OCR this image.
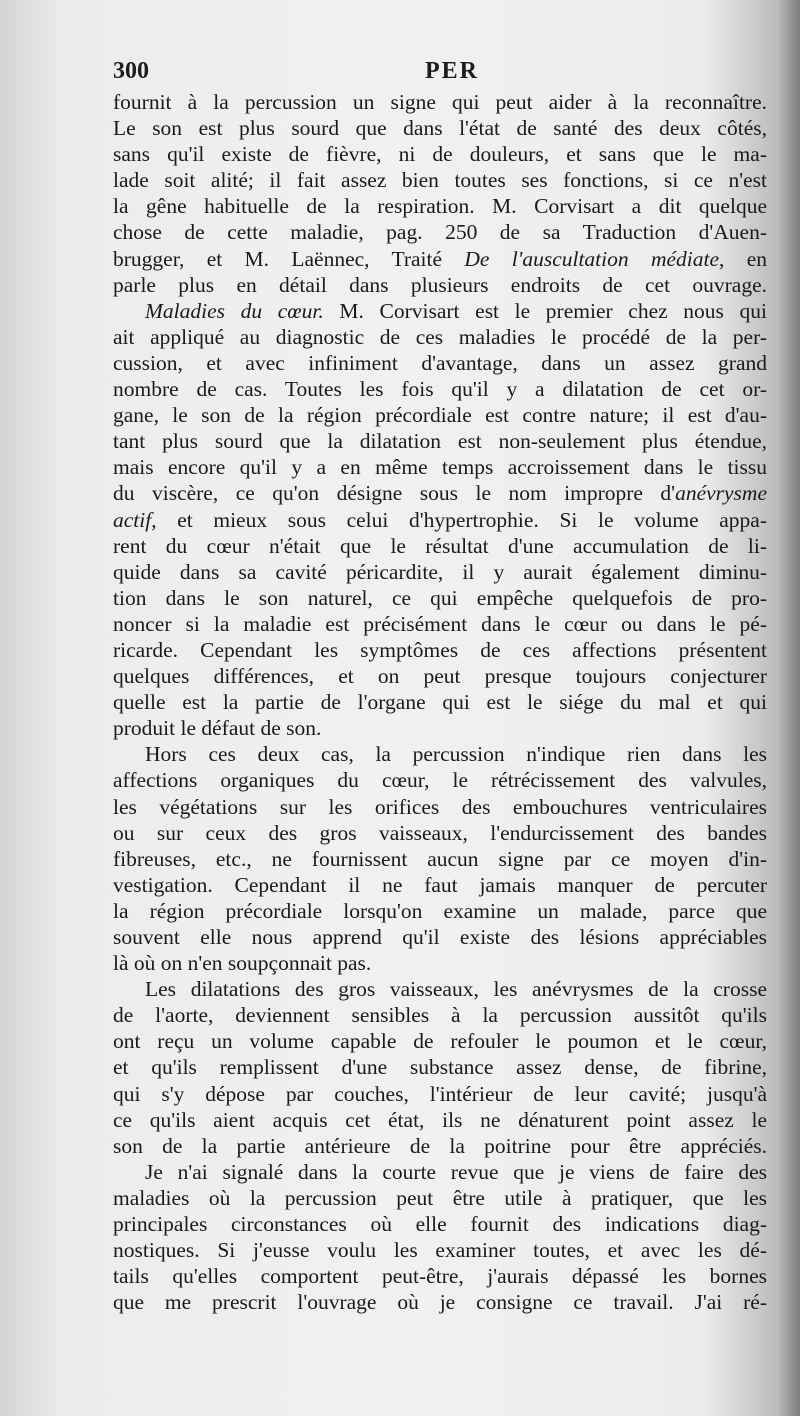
300	PER
fournit à la percussion un signe qui peut aider à la reconnaître.
Le son est plus sourd que dans l'état de santé des deux côtés,
sans qu'il existe de fièvre, ni de douleurs, et sans que le ma-
lade soit alité; il fait assez bien toutes ses fonctions, si ce n'est
la gêne habituelle de la respiration. M. Corvisart a dit quelque
chose de cette maladie, pag. 250 de sa Traduction d'Auen-
brugger, et M. Laënnec, Traité De l'auscultation médiate, en
parle plus en détail dans plusieurs endroits de cet ouvrage.
Maladies du cœur. M. Corvisart est le premier chez nous qui
ait appliqué au diagnostic de ces maladies le procédé de la per-
cussion, et avec infiniment d'avantage, dans un assez grand
nombre de cas. Toutes les fois qu'il y a dilatation de cet or-
gane, le son de la région précordiale est contre nature; il est d'au-
tant plus sourd que la dilatation est non-seulement plus étendue,
mais encore qu'il y a en même temps accroissement dans le tissu
du viscère, ce qu'on désigne sous le nom impropre d'anévrysme
actif, et mieux sous celui d'hypertrophie. Si le volume appa-
rent du cœur n'était que le résultat d'une accumulation de li-
quide dans sa cavité péricardite, il y aurait également diminu-
tion dans le son naturel, ce qui empêche quelquefois de pro-
noncer si la maladie est précisément dans le cœur ou dans le pé-
ricarde. Cependant les symptômes de ces affections présentent
quelques différences, et on peut presque toujours conjecturer
quelle est la partie de l'organe qui est le siége du mal et qui
produit le défaut de son.
Hors ces deux cas, la percussion n'indique rien dans les
affections organiques du cœur, le rétrécissement des valvules,
les végétations sur les orifices des embouchures ventriculaires
ou sur ceux des gros vaisseaux, l'endurcissement des bandes
fibreuses, etc., ne fournissent aucun signe par ce moyen d'in-
vestigation. Cependant il ne faut jamais manquer de percuter
la région précordiale lorsqu'on examine un malade, parce que
souvent elle nous apprend qu'il existe des lésions appréciables
là où on n'en soupçonnait pas.
Les dilatations des gros vaisseaux, les anévrysmes de la crosse
de l'aorte, deviennent sensibles à la percussion aussitôt qu'ils
ont reçu un volume capable de refouler le poumon et le cœur,
et qu'ils remplissent d'une substance assez dense, de fibrine,
qui s'y dépose par couches, l'intérieur de leur cavité; jusqu'à
ce qu'ils aient acquis cet état, ils ne dénaturent point assez le
son de la partie antérieure de la poitrine pour être appréciés.
Je n'ai signalé dans la courte revue que je viens de faire des
maladies où la percussion peut être utile à pratiquer, que les
principales circonstances où elle fournit des indications diag-
nostiques. Si j'eusse voulu les examiner toutes, et avec les dé-
tails qu'elles comportent peut-être, j'aurais dépassé les bornes
que me prescrit l'ouvrage où je consigne ce travail. J'ai ré-
